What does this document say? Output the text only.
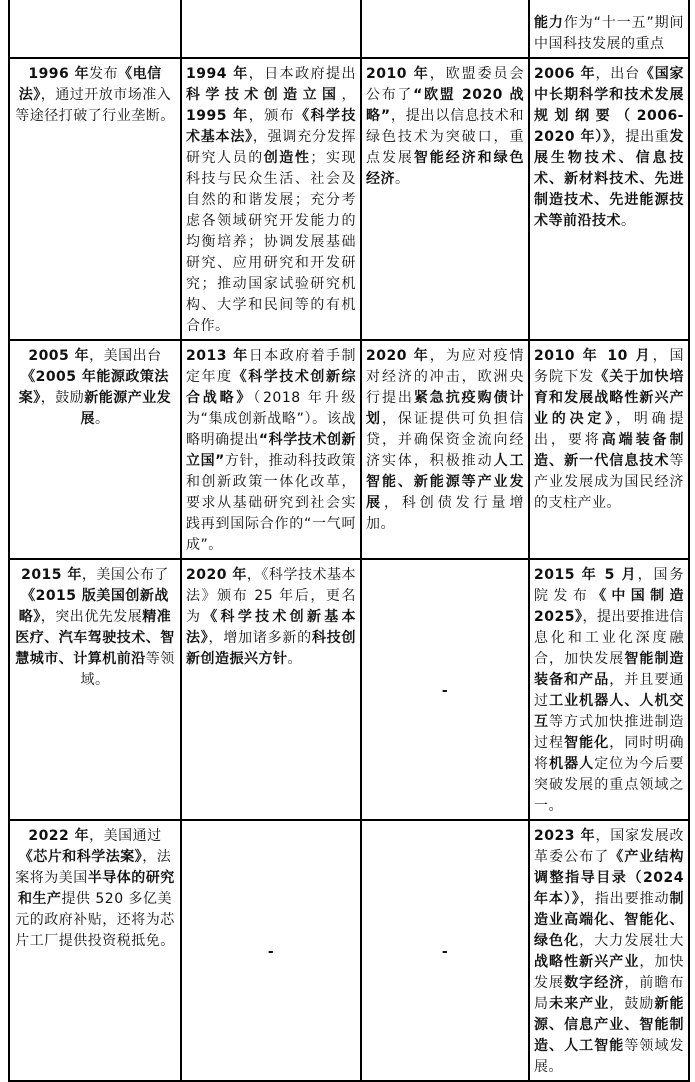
			能力作为“十一五”期间中国科技发展的重点
1996 年发布《电信法》，通过开放市场准入等途径打破了行业垄断。	1994 年，日本政府提出科学技术创造立国，1995 年，颁布《科学技术基本法》，强调充分发挥研究人员的创造性；实现科技与民众生活、社会及自然的和谐发展；充分考虑各领域研究开发能力的均衡培养；协调发展基础研究、应用研究和开发研究；推动国家试验研究机构、大学和民间等的有机合作。	2010 年，欧盟委员会公布了“欧盟 2020 战略”，提出以信息技术和绿色技术为突破口，重点发展智能经济和绿色经济。	2006 年，出台《国家中长期科学和技术发展规划纲要（2006-2020 年）》，提出重发展生物技术、信息技术、新材料技术、先进制造技术、先进能源技术等前沿技术。
2005 年，美国出台《2005 年能源政策法案》，鼓励新能源产业发展。	2013 年日本政府着手制定年度《科学技术创新综合战略》（2018 年升级为“集成创新战略”）。该战略明确提出“科学技术创新立国”方针，推动科技政策和创新政策一体化改革，要求从基础研究到社会实践再到国际合作的“一气呵成”。	2020 年，为应对疫情对经济的冲击，欧洲央行提出紧急抗疫购债计划，保证提供可负担信贷，并确保资金流向经济实体，积极推动人工智能、新能源等产业发展，科创债发行量增加。	2010 年 10 月，国务院下发《关于加快培育和发展战略性新兴产业的决定》，明确提出，要将高端装备制造、新一代信息技术等产业发展成为国民经济的支柱产业。
2015 年，美国公布了《2015 版美国创新战略》，突出优先发展精准医疗、汽车驾驶技术、智慧城市、计算机前沿等领域。	2020 年，《科学技术基本法》颁布 25 年后，更名为《科学技术创新基本法》，增加诸多新的科技创新创造振兴方针。	-	2015 年 5 月，国务院发布《中国制造 2025》，提出要推进信息化和工业化深度融合，加快发展智能制造装备和产品，并且要通过工业机器人、人机交互等方式加快推进制造过程智能化，同时明确将机器人定位为今后要突破发展的重点领域之一。
2022 年，美国通过《芯片和科学法案》，法案将为美国半导体的研究和生产提供 520 多亿美元的政府补贴，还将为芯片工厂提供投资税抵免。	-	-	2023 年，国家发展改革委公布了《产业结构调整指导目录（2024 年本）》，指出要推动制造业高端化、智能化、绿色化，大力发展壮大战略性新兴产业，加快发展数字经济，前瞻布局未来产业，鼓励新能源、信息产业、智能制造、人工智能等领域发展。
